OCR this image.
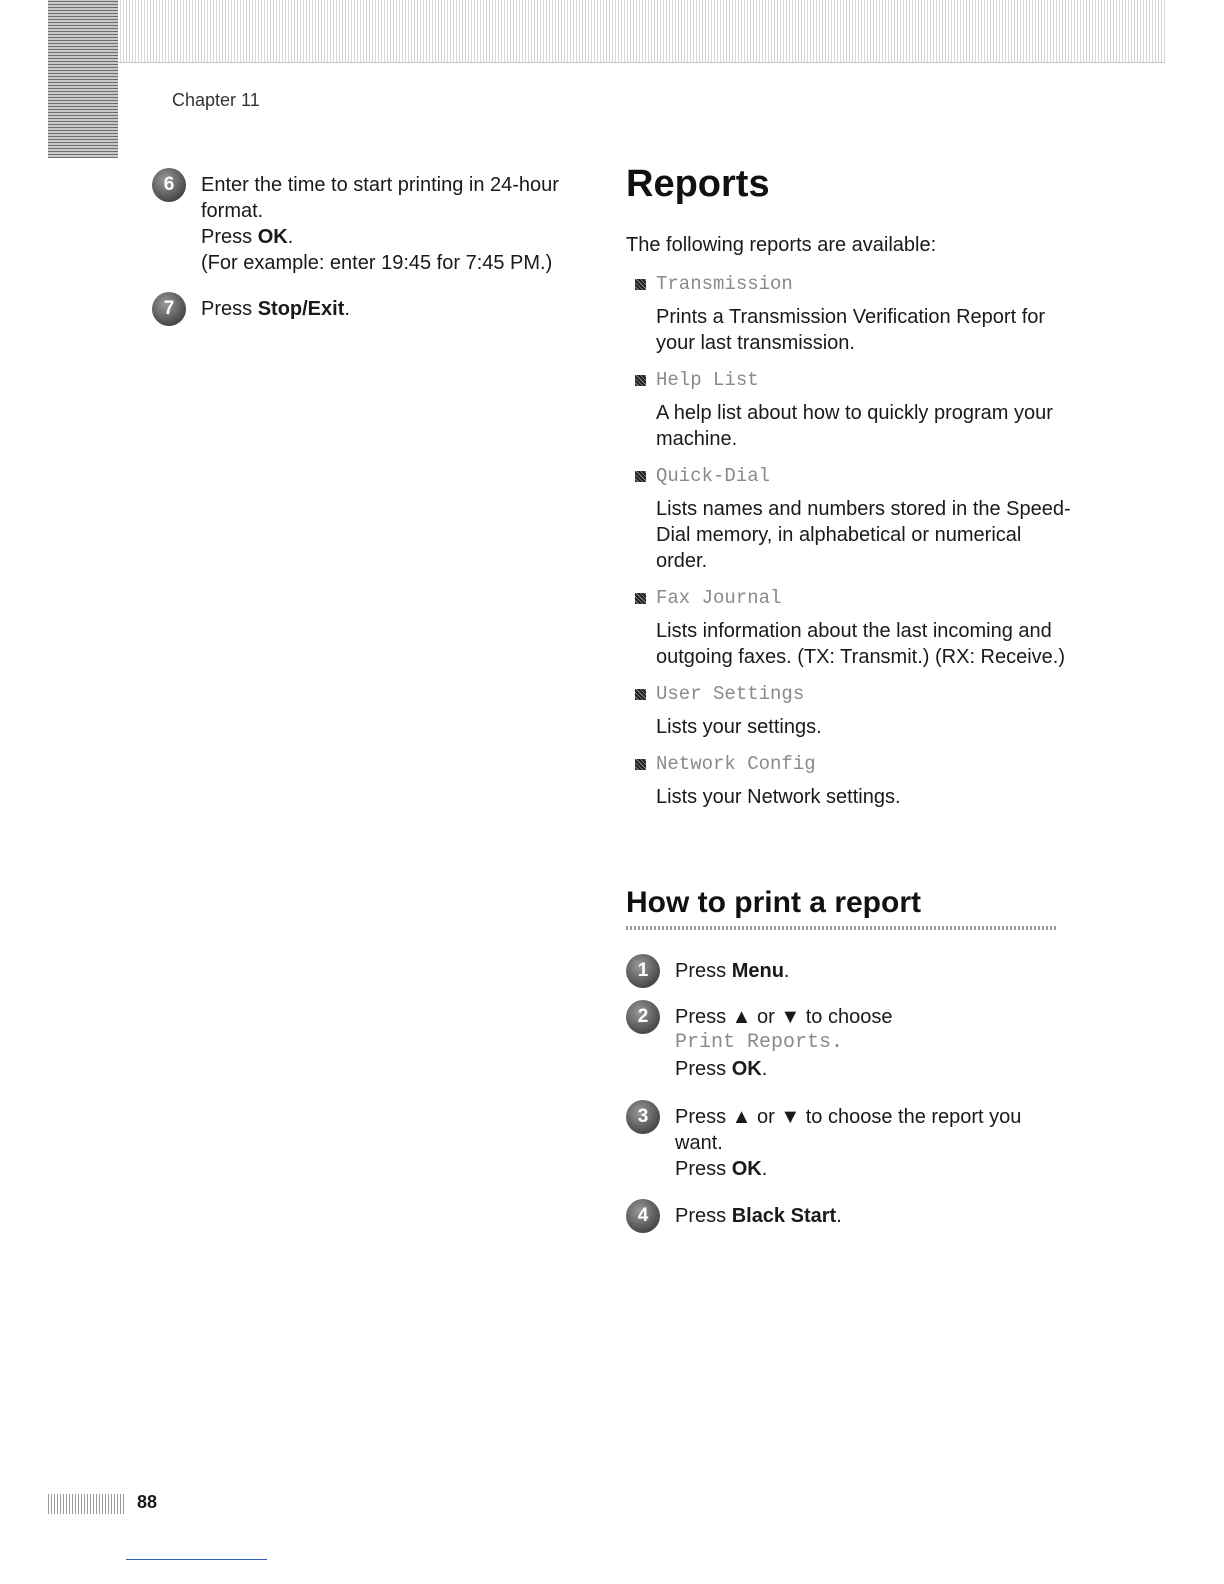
Chapter 11
6	Enter the time to start printing in 24-hour
format.
Press OK.
(For example: enter 19:45 for 7:45 PM.)
7	Press Stop/Exit.
Reports

The following reports are available:

Transmission

Prints a Transmission Verification Report for your last transmission.

Help List

A help list about how to quickly program your machine.

Quick-Dial

Lists names and numbers stored in the Speed-Dial memory, in alphabetical or numerical order.

Fax Journal

Lists information about the last incoming and outgoing faxes. (TX: Transmit.) (RX: Receive.)

User Settings

Lists your settings.

Network Config

Lists your Network settings.

How to print a report
1	Press Menu.
2	Press ▲ or ▼ to choose
Print Reports.
Press OK.
3	Press ▲ or ▼ to choose the report you
want.
Press OK.
4	Press Black Start.
88
